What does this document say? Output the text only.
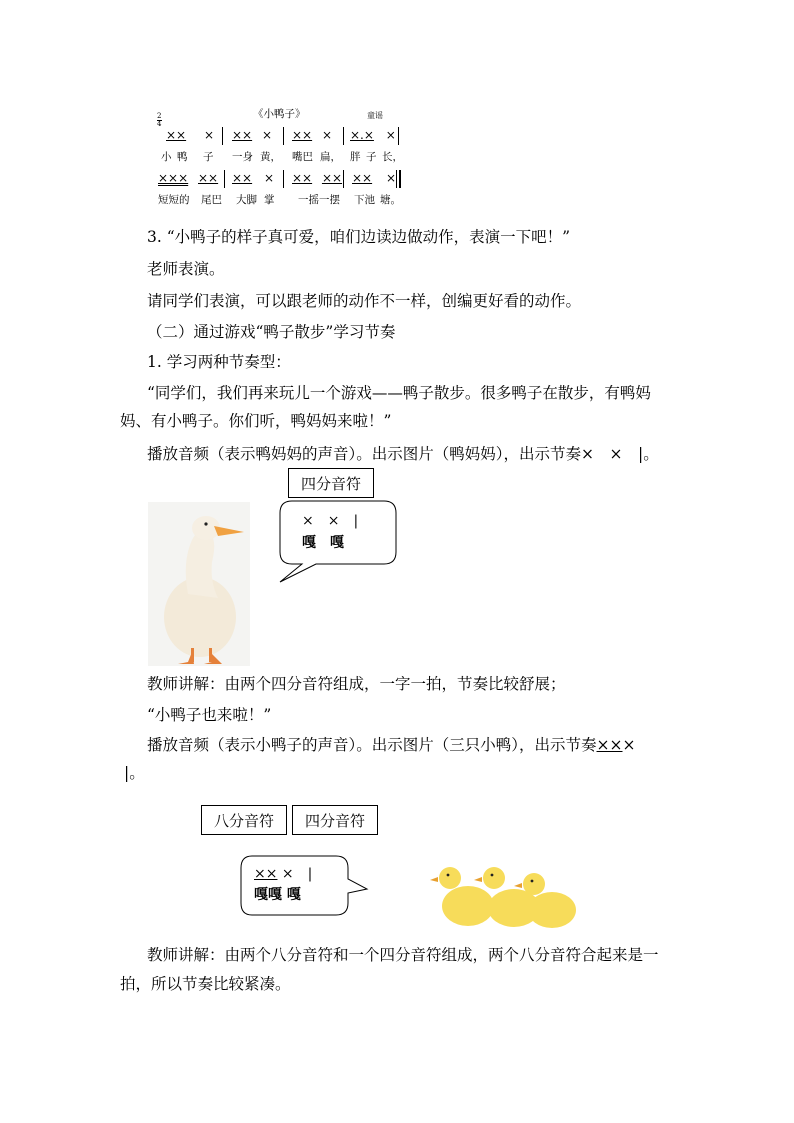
2
4
《小鸭子》	童谣
×× × ×× × ×× × ×.× ×
小 鸭 子 一身 黄， 嘴巴 扁， 胖 子 长，
××× ×× ×× × ×× ×× ×× ×
短短的 尾巴 大脚 掌 一摇 一摆 下池 塘。
3. “小鸭子的样子真可爱，咱们边读边做动作，表演一下吧！”
老师表演。
请同学们表演，可以跟老师的动作不一样，创编更好看的动作。
（二）通过游戏“鸭子散步”学习节奏
1. 学习两种节奏型：
“同学们，我们再来玩儿一个游戏——鸭子散步。很多鸭子在散步，有鸭妈
妈、有小鸭子。你们听，鸭妈妈来啦！”
播放音频（表示鸭妈妈的声音）。出示图片（鸭妈妈），出示节奏×　×　|。
四分音符
×　×　|
嘎　嘎
教师讲解：由两个四分音符组成，一字一拍，节奏比较舒展；
“小鸭子也来啦！”
播放音频（表示小鸭子的声音）。出示图片（三只小鸭），出示节奏×××
|。
八分音符	四分音符
×× ×　|
嘎嘎 嘎
教师讲解：由两个八分音符和一个四分音符组成，两个八分音符合起来是一
拍，所以节奏比较紧凑。
